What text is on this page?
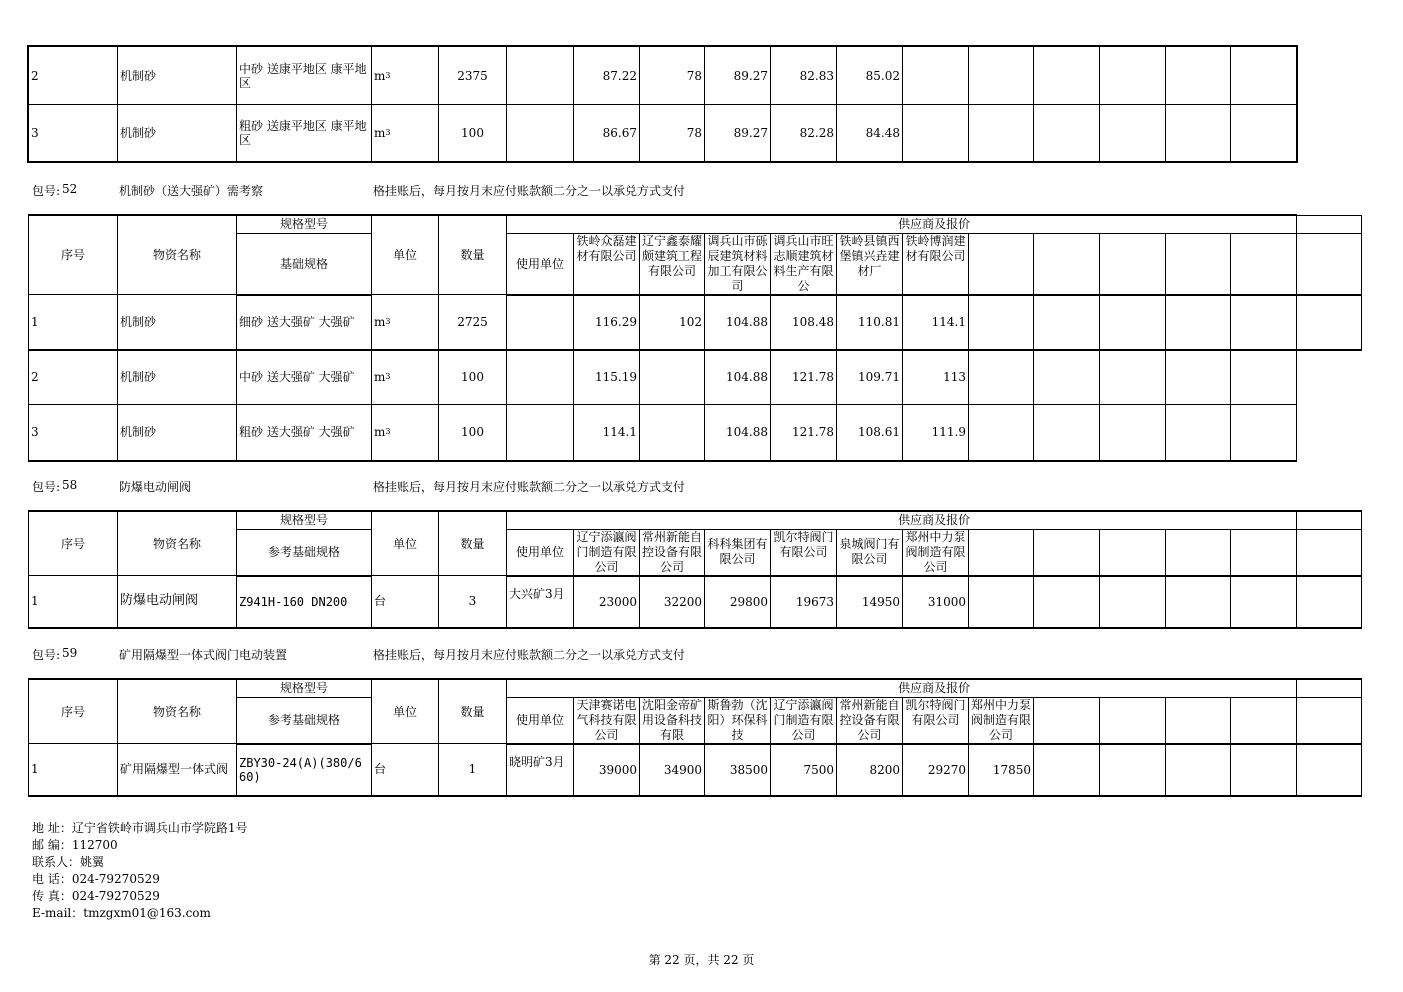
2	机制砂	中砂 送康平地区 康平地区	$m^3$	2375		87.22	78	89.27	82.83	85.02						
3	机制砂	粗砂 送康平地区 康平地区	$m^3$	100		86.67	78	89.27	82.28	84.48						
包号: 52	机制砂（送大强矿）需考察	格挂账后，每月按月末应付账款额二分之一以承兑方式支付
序号	物资名称	规格型号	单位	数量	供应商及报价												
		基础规格			使用单位	铁岭众磊建材有限公司	辽宁鑫泰耀颇建筑工程有限公司	调兵山市砾辰建筑材料加工有限公司	调兵山市旺志顺建筑材料生产有限公	铁岭县镇西堡镇兴垚建材厂	铁岭博润建材有限公司						
1	机制砂	细砂 送大强矿 大强矿	$m^3$	2725		116.29	102	104.88	108.48	110.81	114.1						
2	机制砂	中砂 送大强矿 大强矿	$m^3$	100		115.19		104.88	121.78	109.71	113						
3	机制砂	粗砂 送大强矿 大强矿	$m^3$	100		114.1		104.88	121.78	108.61	111.9						
包号: 58	防爆电动闸阀	格挂账后，每月按月末应付账款额二分之一以承兑方式支付
序号	物资名称	规格型号	单位	数量	供应商及报价												
		参考基础规格			使用单位	辽宁添瀛阀门制造有限公司	常州新能自控设备有限公司	科科集团有限公司	凯尔特阀门有限公司	泉城阀门有限公司	郑州中力泵阀制造有限公司						
1	防爆电动闸阀	Z941H-160 DN200	台	3	大兴矿3月	23000	32200	29800	19673	14950	31000						
包号: 59	矿用隔爆型一体式阀门电动装置	格挂账后，每月按月末应付账款额二分之一以承兑方式支付
序号	物资名称	规格型号	单位	数量	供应商及报价												
		参考基础规格			使用单位	天津赛诺电气科技有限公司	沈阳金帝矿用设备科技有限	斯鲁勃（沈阳）环保科技	辽宁添瀛阀门制造有限公司	常州新能自控设备有限公司	凯尔特阀门有限公司	郑州中力泵阀制造有限公司					
1	矿用隔爆型一体式阀	ZBY30-24(A)(380/660)	台	1	晓明矿3月	39000	34900	38500	7500	8200	29270	17850					
地 址：辽宁省铁岭市调兵山市学院路1号
邮 编：112700
联系人：姚翼
电 话：024-79270529
传 真：024-79270529
E-mail：tmzgxm01@163.com
第 22 页，共 22 页
